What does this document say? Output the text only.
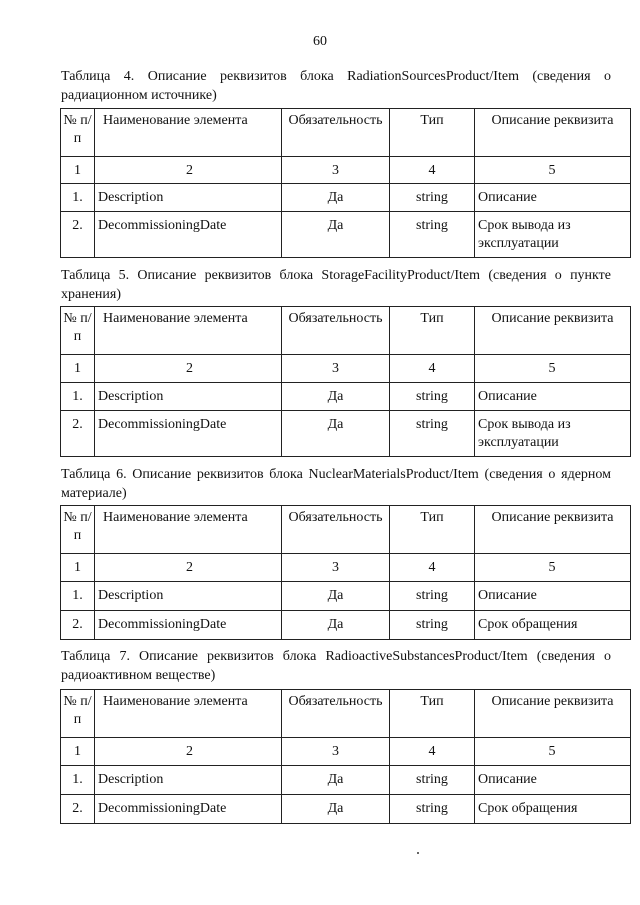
60
Таблица 4. Описание реквизитов блока RadiationSourcesProduct/Item (сведения о радиационном источнике)
№ п/п	Наименование элемента	Обязательность	Тип	Описание реквизита
1	2	3	4	5
1.	Description	Да	string	Описание
2.	DecommissioningDate	Да	string	Срок вывода из эксплуатации
Таблица 5. Описание реквизитов блока StorageFacilityProduct/Item (сведения о пункте хранения)
№ п/п	Наименование элемента	Обязательность	Тип	Описание реквизита
1	2	3	4	5
1.	Description	Да	string	Описание
2.	DecommissioningDate	Да	string	Срок вывода из эксплуатации
Таблица 6. Описание реквизитов блока NuclearMaterialsProduct/Item (сведения о ядерном материале)
№ п/п	Наименование элемента	Обязательность	Тип	Описание реквизита
1	2	3	4	5
1.	Description	Да	string	Описание
2.	DecommissioningDate	Да	string	Срок обращения
Таблица 7. Описание реквизитов блока RadioactiveSubstancesProduct/Item (сведения о радиоактивном веществе)
№ п/п	Наименование элемента	Обязательность	Тип	Описание реквизита
1	2	3	4	5
1.	Description	Да	string	Описание
2.	DecommissioningDate	Да	string	Срок обращения
